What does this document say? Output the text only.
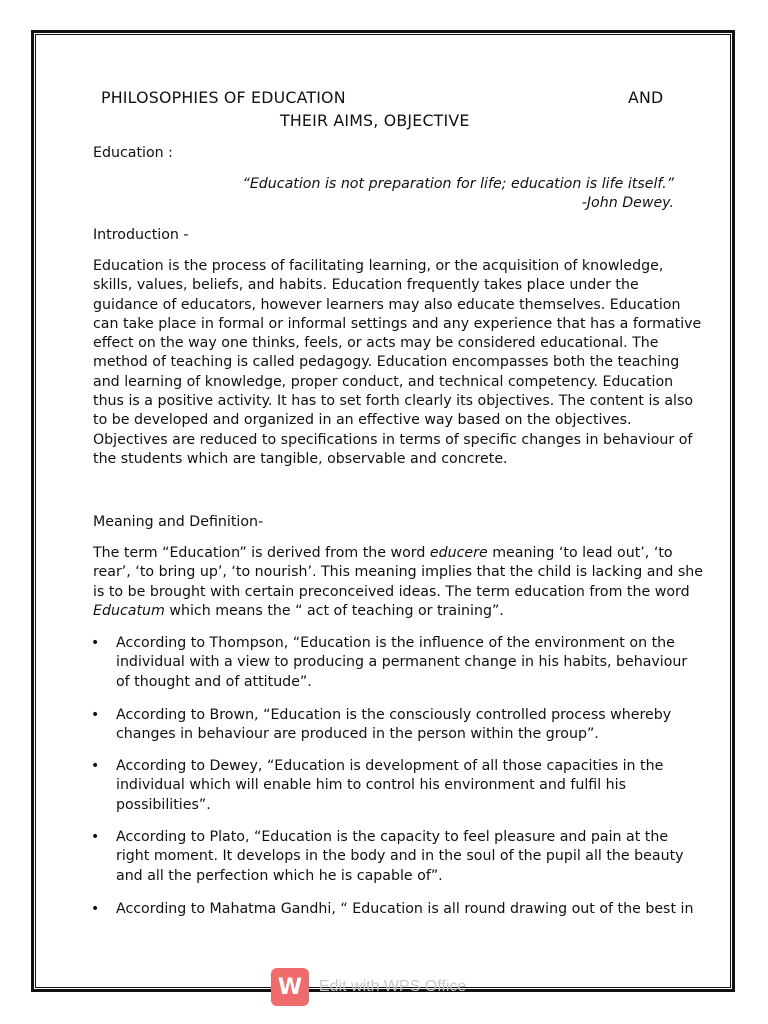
PHILOSOPHIES OF EDUCATION	AND
THEIR AIMS, OBJECTIVE
Education :
“Education is not preparation for life; education is life itself.”
-John Dewey.
Introduction -
Education is the process of facilitating learning, or the acquisition of knowledge,
skills, values, beliefs, and habits. Education frequently takes place under the
guidance of educators, however learners may also educate themselves. Education
can take place in formal or informal settings and any experience that has a formative
effect on the way one thinks, feels, or acts may be considered educational. The
method of teaching is called pedagogy. Education encompasses both the teaching
and learning of knowledge, proper conduct, and technical competency. Education
thus is a positive activity. It has to set forth clearly its objectives. The content is also
to be developed and organized in an effective way based on the objectives.
Objectives are reduced to specifications in terms of specific changes in behaviour of
the students which are tangible, observable and concrete.
Meaning and Definition-
The term “Education” is derived from the word educere meaning ‘to lead out’, ‘to
rear’, ‘to bring up’, ‘to nourish’. This meaning implies that the child is lacking and she
is to be brought with certain preconceived ideas. The term education from the word
Educatum which means the “ act of teaching or training”.
• According to Thompson, “Education is the influence of the environment on the
individual with a view to producing a permanent change in his habits, behaviour
of thought and of attitude”.
• According to Brown, “Education is the consciously controlled process whereby
changes in behaviour are produced in the person within the group”.
• According to Dewey, “Education is development of all those capacities in the
individual which will enable him to control his environment and fulfil his
possibilities”.
• According to Plato, “Education is the capacity to feel pleasure and pain at the
right moment. It develops in the body and in the soul of the pupil all the beauty
and all the perfection which he is capable of”.
• According to Mahatma Gandhi, “ Education is all round drawing out of the best in
W	Edit with WPS Office
